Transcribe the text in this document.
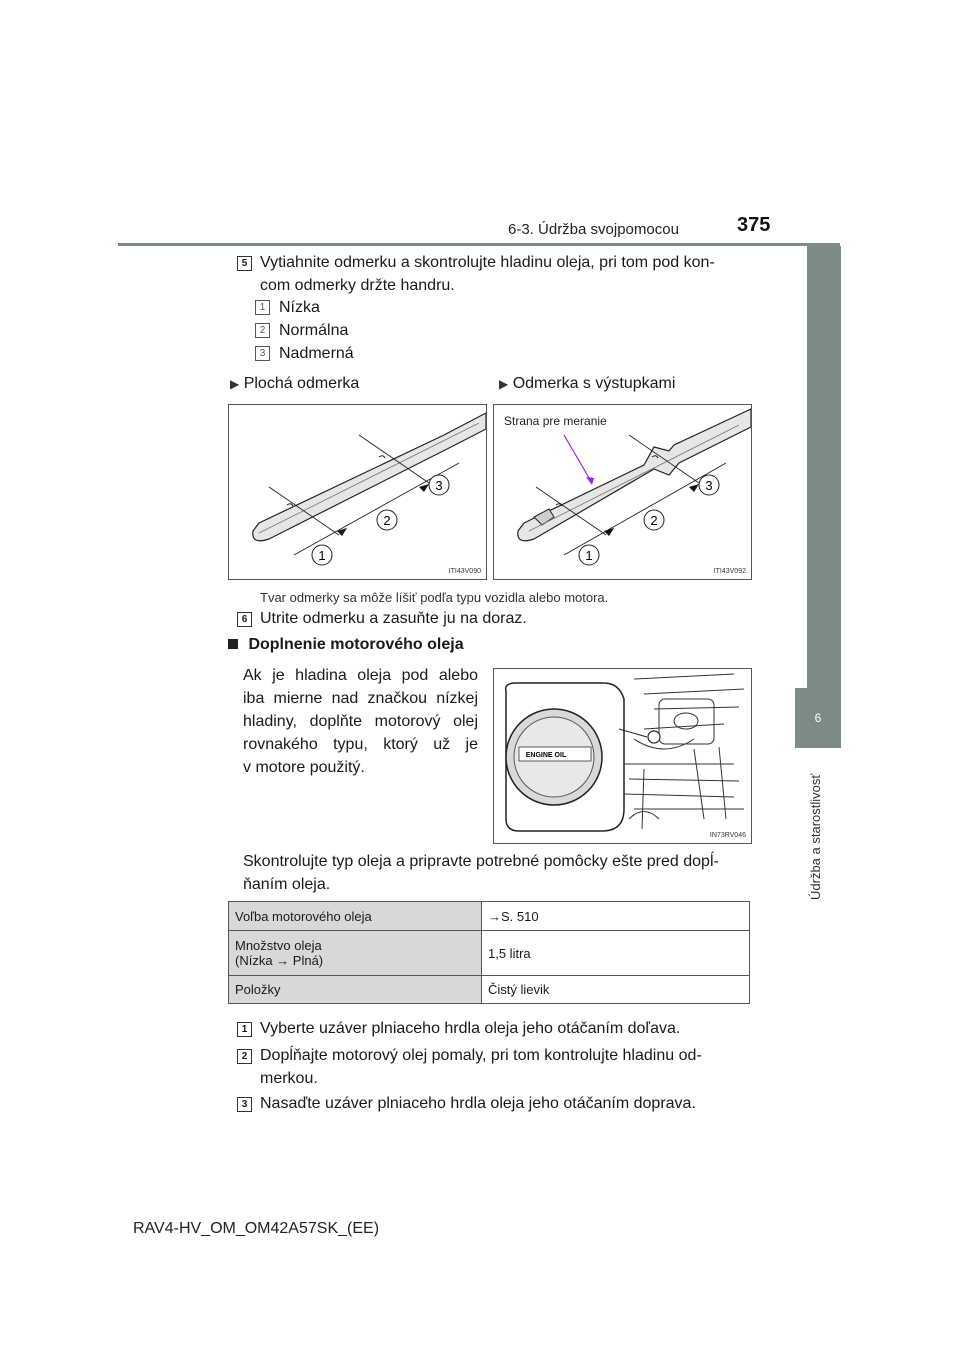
6-3. Údržba svojpomocou	375
6
Údržba a starostlivosť
5 Vytiahnite odmerku a skontrolujte hladinu oleja, pri tom pod kon-
com odmerky držte handru.
1 Nízka
2 Normálna
3 Nadmerná
▶ Plochá odmerka	▶ Odmerka s výstupkami
3
2
1
ITI43V090
3
2
1
ITI43V092
Strana pre meranie
Tvar odmerky sa môže líšiť podľa typu vozidla alebo motora.
6 Utrite odmerku a zasuňte ju na doraz.
Doplnenie motorového oleja
Ak je hladina oleja pod alebo
iba mierne nad značkou nízkej
hladiny, doplňte motorový olej
rovnakého typu, ktorý už je
v motore použitý.
ENGINE OIL
IN73RV046
Skontrolujte typ oleja a pripravte potrebné pomôcky ešte pred dopĺ-
ňaním oleja.
Voľba motorového oleja	→S. 510

Množstvo oleja
(Nízka → Plná)	1,5 litra
Položky	Čistý lievik
1 Vyberte uzáver plniaceho hrdla oleja jeho otáčaním doľava.
2 Dopĺňajte motorový olej pomaly, pri tom kontrolujte hladinu od-
merkou.
3 Nasaďte uzáver plniaceho hrdla oleja jeho otáčaním doprava.
RAV4-HV_OM_OM42A57SK_(EE)
